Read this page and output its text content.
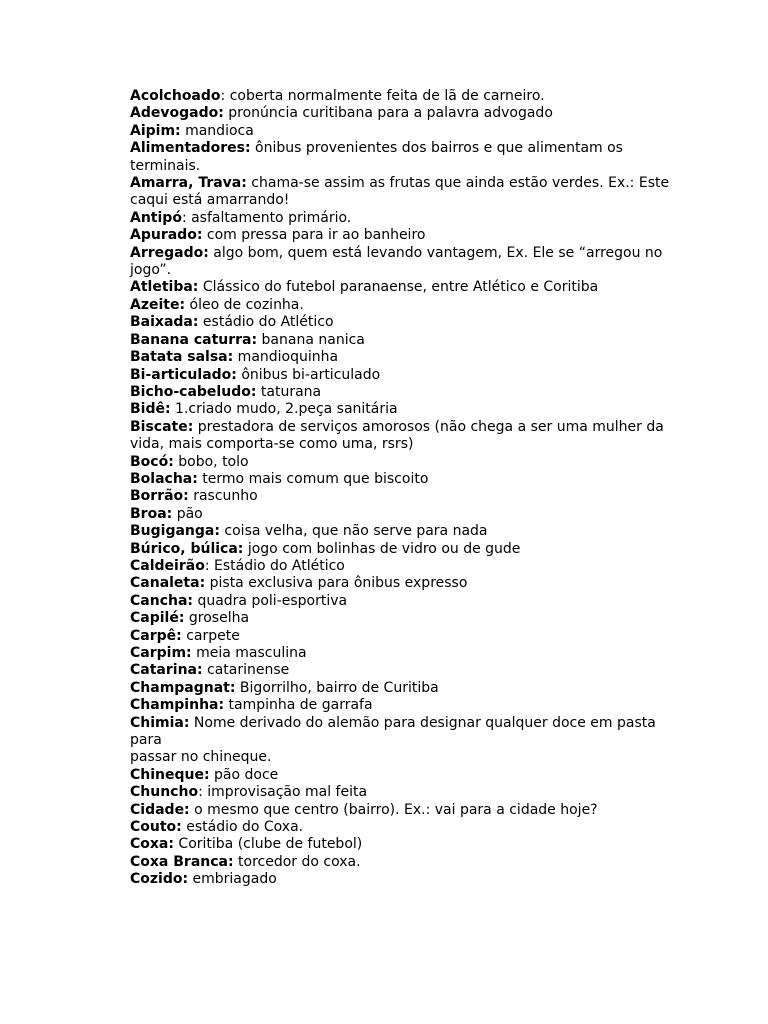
Acolchoado: coberta normalmente feita de lã de carneiro.

Adevogado: pronúncia curitibana para a palavra advogado

Aipim: mandioca

Alimentadores: ônibus provenientes dos bairros e que alimentam os terminais.

Amarra, Trava: chama-se assim as frutas que ainda estão verdes. Ex.: Este caqui está amarrando!

Antipó: asfaltamento primário.

Apurado: com pressa para ir ao banheiro

Arregado: algo bom, quem está levando vantagem, Ex. Ele se “arregou no jogo”.

Atletiba: Clássico do futebol paranaense, entre Atlético e Coritiba

Azeite: óleo de cozinha.

Baixada: estádio do Atlético

Banana caturra: banana nanica

Batata salsa: mandioquinha

Bi-articulado: ônibus bi-articulado

Bicho-cabeludo: taturana

Bidê: 1.criado mudo, 2.peça sanitária

Biscate: prestadora de serviços amorosos (não chega a ser uma mulher da vida, mais comporta-se como uma, rsrs)

Bocó: bobo, tolo

Bolacha: termo mais comum que biscoito

Borrão: rascunho

Broa: pão

Bugiganga: coisa velha, que não serve para nada

Búrico, búlica: jogo com bolinhas de vidro ou de gude

Caldeirão: Estádio do Atlético

Canaleta: pista exclusiva para ônibus expresso

Cancha: quadra poli-esportiva

Capilé: groselha

Carpê: carpete

Carpim: meia masculina

Catarina: catarinense

Champagnat: Bigorrilho, bairro de Curitiba

Champinha: tampinha de garrafa

Chimia: Nome derivado do alemão para designar qualquer doce em pasta para
passar no chineque.

Chineque: pão doce

Chuncho: improvisação mal feita

Cidade: o mesmo que centro (bairro). Ex.: vai para a cidade hoje?

Couto: estádio do Coxa.

Coxa: Coritiba (clube de futebol)

Coxa Branca: torcedor do coxa.

Cozido: embriagado
